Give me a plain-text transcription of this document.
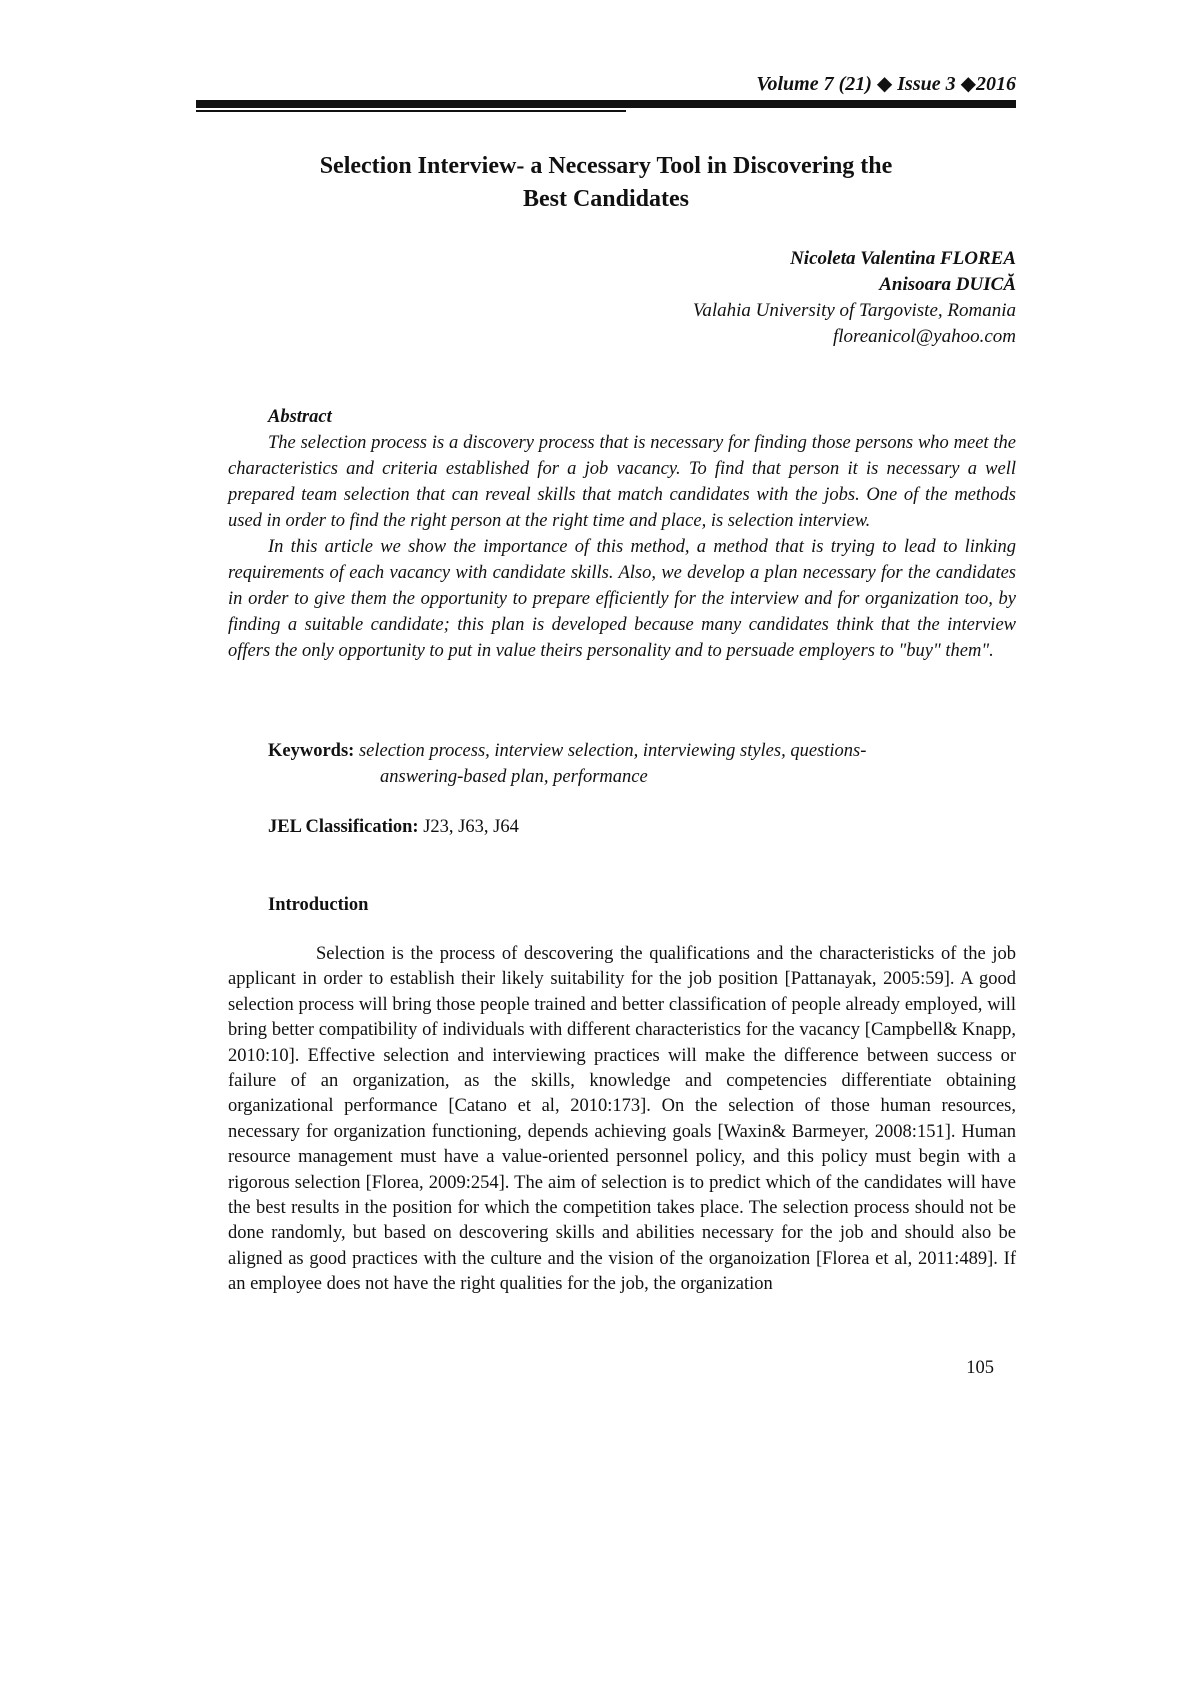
Volume 7 (21) ◆ Issue 3 ◆2016
Selection Interview- a Necessary Tool in Discovering the
Best Candidates
Nicoleta Valentina FLOREA
Anisoara DUICĂ
Valahia University of Targoviste, Romania
floreanicol@yahoo.com

Abstract

The selection process is a discovery process that is necessary for finding those persons who meet the characteristics and criteria established for a job vacancy. To find that person it is necessary a well prepared team selection that can reveal skills that match candidates with the jobs. One of the methods used in order to find the right person at the right time and place, is selection interview.

In this article we show the importance of this method, a method that is trying to lead to linking requirements of each vacancy with candidate skills. Also, we develop a plan necessary for the candidates in order to give them the opportunity to prepare efficiently for the interview and for organization too, by finding a suitable candidate; this plan is developed because many candidates think that the interview offers the only opportunity to put in value theirs personality and to persuade employers to "buy" them".

Keywords: selection process, interview selection, interviewing styles, questions-
answering-based plan, performance
JEL Classification: J23, J63, J64
Introduction

Selection is the process of descovering the qualifications and the characteristicks of the job applicant in order to establish their likely suitability for the job position [Pattanayak, 2005:59]. A good selection process will bring those people trained and better classification of people already employed, will bring better compatibility of individuals with different characteristics for the vacancy [Campbell& Knapp, 2010:10]. Effective selection and interviewing practices will make the difference between success or failure of an organization, as the skills, knowledge and competencies differentiate obtaining organizational performance [Catano et al, 2010:173]. On the selection of those human resources, necessary for organization functioning, depends achieving goals [Waxin& Barmeyer, 2008:151]. Human resource management must have a value-oriented personnel policy, and this policy must begin with a rigorous selection [Florea, 2009:254]. The aim of selection is to predict which of the candidates will have the best results in the position for which the competition takes place. The selection process should not be done randomly, but based on descovering skills and abilities necessary for the job and should also be aligned as good practices with the culture and the vision of the organoization [Florea et al, 2011:489]. If an employee does not have the right qualities for the job, the organization

105
